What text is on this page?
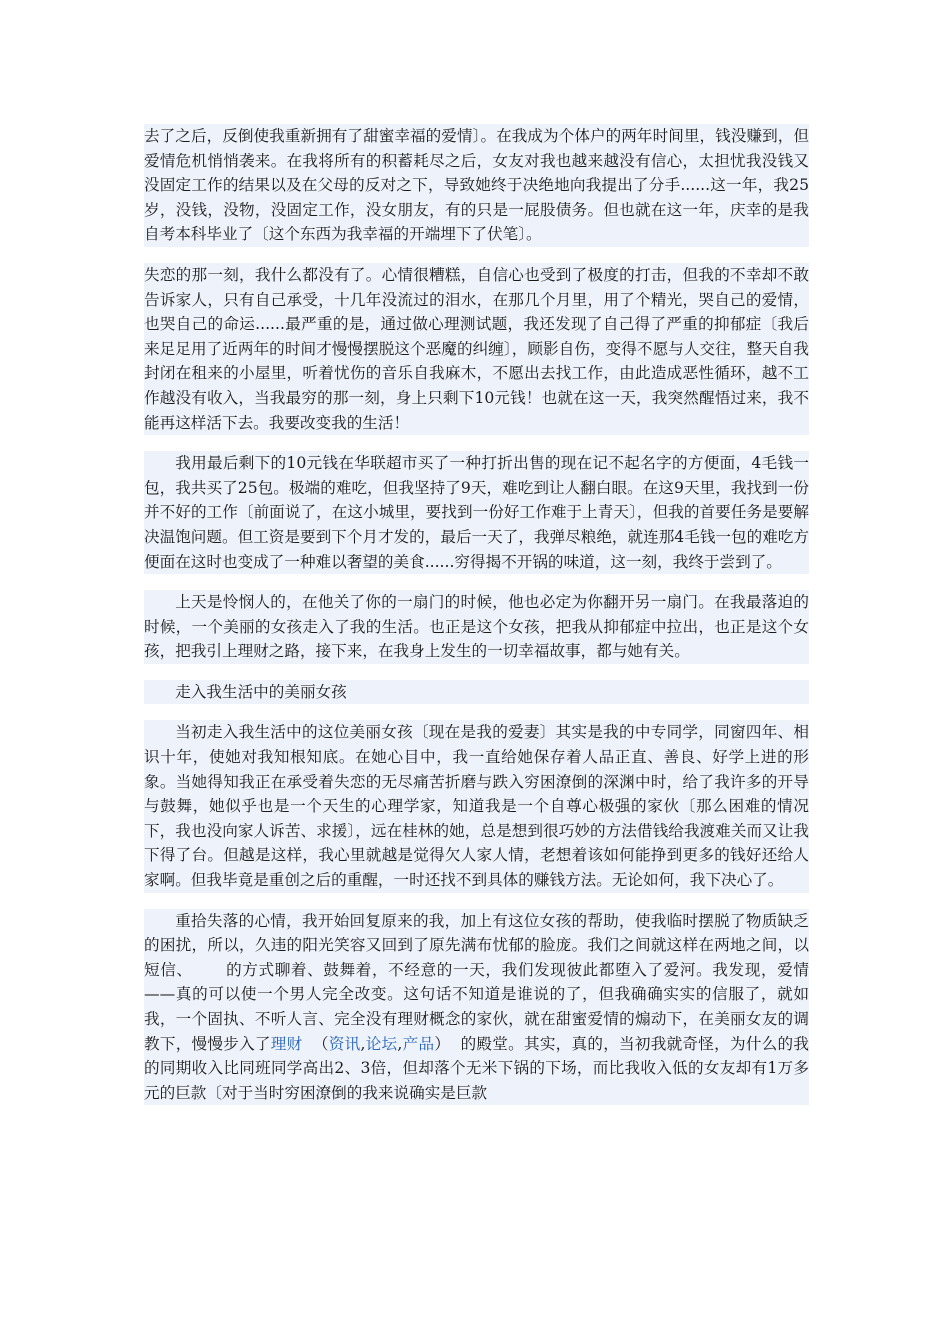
去了之后，反倒使我重新拥有了甜蜜幸福的爱情〕。在我成为个体户的两年时间里，钱没赚到，但爱情危机悄悄袭来。在我将所有的积蓄耗尽之后，女友对我也越来越没有信心，太担忧我没钱又没固定工作的结果以及在父母的反对之下，导致她终于决绝地向我提出了分手......这一年，我25岁，没钱，没物，没固定工作，没女朋友，有的只是一屁股债务。但也就在这一年，庆幸的是我自考本科毕业了〔这个东西为我幸福的开端埋下了伏笔〕。

失恋的那一刻，我什么都没有了。心情很糟糕，自信心也受到了极度的打击，但我的不幸却不敢告诉家人，只有自己承受，十几年没流过的泪水，在那几个月里，用了个精光，哭自己的爱情，也哭自己的命运......最严重的是，通过做心理测试题，我还发现了自己得了严重的抑郁症〔我后来足足用了近两年的时间才慢慢摆脱这个恶魔的纠缠〕，顾影自伤，变得不愿与人交往，整天自我封闭在租来的小屋里，听着忧伤的音乐自我麻木，不愿出去找工作，由此造成恶性循环，越不工作越没有收入，当我最穷的那一刻，身上只剩下10元钱！也就在这一天，我突然醒悟过来，我不能再这样活下去。我要改变我的生活！

我用最后剩下的10元钱在华联超市买了一种打折出售的现在记不起名字的方便面，4毛钱一包，我共买了25包。极端的难吃，但我坚持了9天，难吃到让人翻白眼。在这9天里，我找到一份并不好的工作〔前面说了，在这小城里，要找到一份好工作难于上青天〕，但我的首要任务是要解决温饱问题。但工资是要到下个月才发的，最后一天了，我弹尽粮绝，就连那4毛钱一包的难吃方便面在这时也变成了一种难以奢望的美食......穷得揭不开锅的味道，这一刻，我终于尝到了。

上天是怜悯人的，在他关了你的一扇门的时候，他也必定为你翻开另一扇门。在我最落迫的时候，一个美丽的女孩走入了我的生活。也正是这个女孩，把我从抑郁症中拉出，也正是这个女孩，把我引上理财之路，接下来，在我身上发生的一切幸福故事，都与她有关。

走入我生活中的美丽女孩

当初走入我生活中的这位美丽女孩〔现在是我的爱妻〕其实是我的中专同学，同窗四年、相识十年，使她对我知根知底。在她心目中，我一直给她保存着人品正直、善良、好学上进的形象。当她得知我正在承受着失恋的无尽痛苦折磨与跌入穷困潦倒的深渊中时，给了我许多的开导与鼓舞，她似乎也是一个天生的心理学家，知道我是一个自尊心极强的家伙〔那么困难的情况下，我也没向家人诉苦、求援〕，远在桂林的她，总是想到很巧妙的方法借钱给我渡难关而又让我下得了台。但越是这样，我心里就越是觉得欠人家人情，老想着该如何能挣到更多的钱好还给人家啊。但我毕竟是重创之后的重醒，一时还找不到具体的赚钱方法。无论如何，我下决心了。

重拾失落的心情，我开始回复原来的我，加上有这位女孩的帮助，使我临时摆脱了物质缺乏的困扰，所以，久违的阳光笑容又回到了原先满布忧郁的脸庞。我们之间就这样在两地之间，以短信、      的方式聊着、鼓舞着，不经意的一天，我们发现彼此都堕入了爱河。我发现，爱情——真的可以使一个男人完全改变。这句话不知道是谁说的了，但我确确实实的信服了，就如我，一个固执、不听人言、完全没有理财概念的家伙，就在甜蜜爱情的煽动下，在美丽女友的调教下，慢慢步入了理财  （资讯,论坛,产品）  的殿堂。其实，真的，当初我就奇怪，为什么的我的同期收入比同班同学高出2、3倍，但却落个无米下锅的下场，而比我收入低的女友却有1万多元的巨款〔对于当时穷困潦倒的我来说确实是巨款
